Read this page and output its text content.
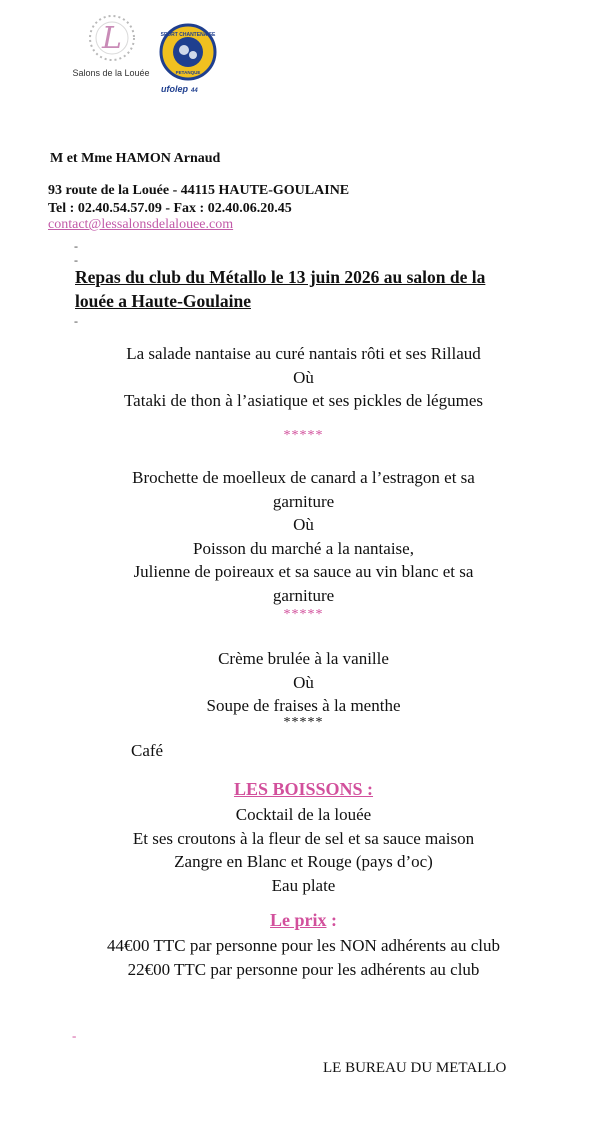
L
Salons de la Louée
SPORT CHANTENAISE
PETANQUE
ufolep 44
M et Mme HAMON Arnaud
93 route de la Louée - 44115 HAUTE-GOULAINE
Tel : 02.40.54.57.09 - Fax : 02.40.06.20.45
contact@lessalonsdelalouee.com
-
-
Repas du club du Métallo le 13 juin 2026 au salon de la
louée a Haute-Goulaine
-
La salade nantaise au curé nantais rôti et ses Rillaud
Où
Tataki de thon à l’asiatique et ses pickles de légumes
*****
Brochette de moelleux de canard a l’estragon et sa
garniture
Où
Poisson du marché a la nantaise,
Julienne de poireaux et sa sauce au vin blanc et sa
garniture
*****
Crème brulée à la vanille
Où
Soupe de fraises à la menthe
*****
Café
LES BOISSONS :
Cocktail de la louée
Et ses croutons à la fleur de sel et sa sauce maison
Zangre en Blanc et Rouge (pays d’oc)
Eau plate
Le prix :
44€00 TTC par personne pour les NON adhérents au club
22€00 TTC par personne pour les adhérents au club
-
LE BUREAU DU METALLO
